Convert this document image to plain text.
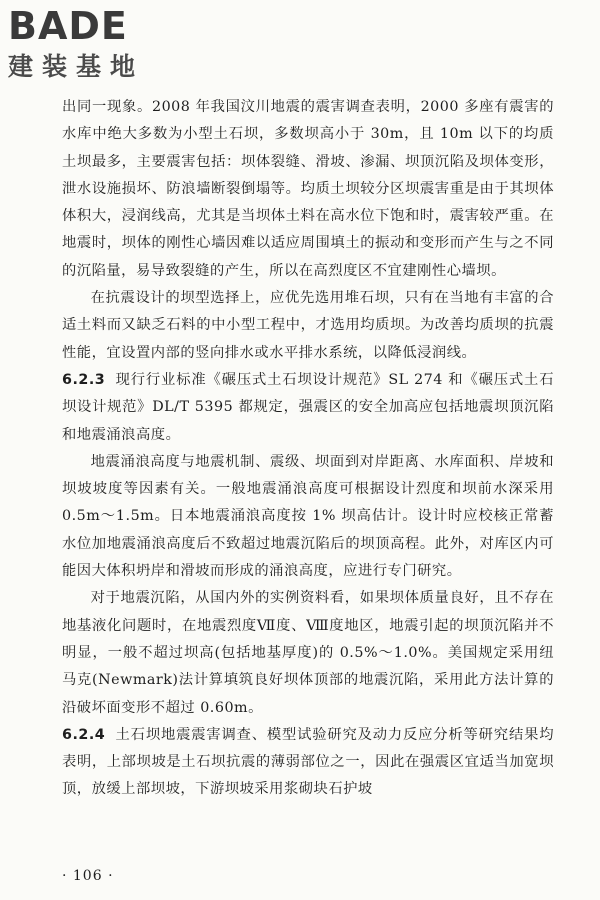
BADE
建装基地

出同一现象。2008 年我国汶川地震的震害调查表明，2000 多座有震害的水库中绝大多数为小型土石坝，多数坝高小于 30m，且 10m 以下的均质土坝最多，主要震害包括：坝体裂缝、滑坡、渗漏、坝顶沉陷及坝体变形，泄水设施损坏、防浪墙断裂倒塌等。均质土坝较分区坝震害重是由于其坝体体积大，浸润线高，尤其是当坝体土料在高水位下饱和时，震害较严重。在地震时，坝体的刚性心墙因难以适应周围填土的振动和变形而产生与之不同的沉陷量，易导致裂缝的产生，所以在高烈度区不宜建刚性心墙坝。

在抗震设计的坝型选择上，应优先选用堆石坝，只有在当地有丰富的合适土料而又缺乏石料的中小型工程中，才选用均质坝。为改善均质坝的抗震性能，宜设置内部的竖向排水或水平排水系统，以降低浸润线。

6.2.3 现行行业标准《碾压式土石坝设计规范》SL 274 和《碾压式土石坝设计规范》DL/T 5395 都规定，强震区的安全加高应包括地震坝顶沉陷和地震涌浪高度。

地震涌浪高度与地震机制、震级、坝面到对岸距离、水库面积、岸坡和坝坡坡度等因素有关。一般地震涌浪高度可根据设计烈度和坝前水深采用 0.5m～1.5m。日本地震涌浪高度按 1% 坝高估计。设计时应校核正常蓄水位加地震涌浪高度后不致超过地震沉陷后的坝顶高程。此外，对库区内可能因大体积坍岸和滑坡而形成的涌浪高度，应进行专门研究。

对于地震沉陷，从国内外的实例资料看，如果坝体质量良好，且不存在地基液化问题时，在地震烈度Ⅶ度、Ⅷ度地区，地震引起的坝顶沉陷并不明显，一般不超过坝高(包括地基厚度)的 0.5%～1.0%。美国规定采用纽马克(Newmark)法计算填筑良好坝体顶部的地震沉陷，采用此方法计算的沿破坏面变形不超过 0.60m。

6.2.4 土石坝地震震害调查、模型试验研究及动力反应分析等研究结果均表明，上部坝坡是土石坝抗震的薄弱部位之一，因此在强震区宜适当加宽坝顶，放缓上部坝坡，下游坝坡采用浆砌块石护坡

· 106 ·
